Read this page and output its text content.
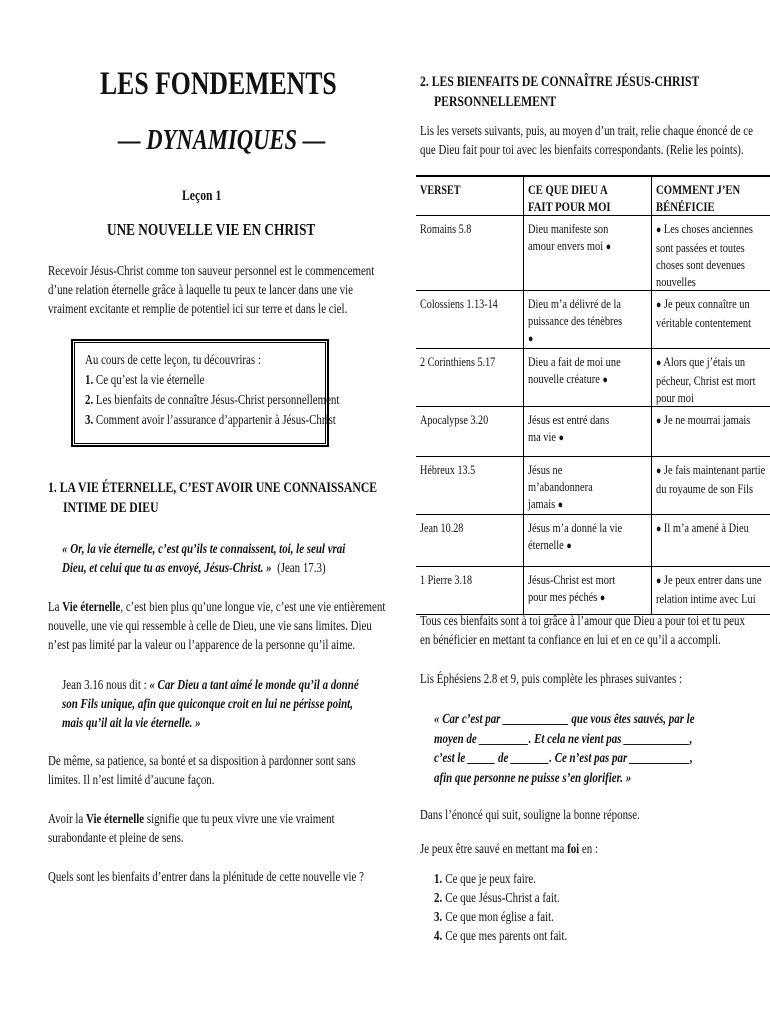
LES FONDEMENTS
— DYNAMIQUES —
Leçon 1
UNE NOUVELLE VIE EN CHRIST
Recevoir Jésus-Christ comme ton sauveur personnel est le commencement
d’une relation éternelle grâce à laquelle tu peux te lancer dans une vie
vraiment excitante et remplie de potentiel ici sur terre et dans le ciel.
Au cours de cette leçon, tu découvriras :
1. Ce qu’est la vie éternelle
2. Les bienfaits de connaître Jésus-Christ personnellement
3. Comment avoir l’assurance d’appartenir à Jésus-Christ
1. LA VIE ÉTERNELLE, C’EST AVOIR UNE CONNAISSANCE
INTIME DE DIEU
« Or, la vie éternelle, c’est qu’ils te connaissent, toi, le seul vrai
Dieu, et celui que tu as envoyé, Jésus-Christ. » (Jean 17.3)
La Vie éternelle, c’est bien plus qu’une longue vie, c’est une vie entièrement
nouvelle, une vie qui ressemble à celle de Dieu, une vie sans limites. Dieu
n’est pas limité par la valeur ou l’apparence de la personne qu’il aime.
Jean 3.16 nous dit : « Car Dieu a tant aimé le monde qu’il a donné
son Fils unique, afin que quiconque croit en lui ne périsse point,
mais qu’il ait la vie éternelle. »
De même, sa patience, sa bonté et sa disposition à pardonner sont sans
limites. Il n’est limité d’aucune façon.
Avoir la Vie éternelle signifie que tu peux vivre une vie vraiment
surabondante et pleine de sens.
Quels sont les bienfaits d’entrer dans la plénitude de cette nouvelle vie ?
2. LES BIENFAITS DE CONNAÎTRE JÉSUS-CHRIST
PERSONNELLEMENT
Lis les versets suivants, puis, au moyen d’un trait, relie chaque énoncé de ce
que Dieu fait pour toi avec les bienfaits correspondants. (Relie les points).
VERSET	CE QUE DIEU A FAIT POUR MOI	COMMENT J’EN BÉNÉFICIE

Romains 5.8	Dieu manifeste son amour envers moi ●	● Les choses anciennes sont passées et toutes choses sont devenues nouvelles

Colossiens 1.13-14	Dieu m’a délivré de la puissance des ténèbres ●	● Je peux connaître un véritable contentement

2 Corinthiens 5.17	Dieu a fait de moi une nouvelle créature ●	● Alors que j’étais un pécheur, Christ est mort pour moi

Apocalypse 3.20	Jésus est entré dans ma vie ●	● Je ne mourrai jamais

Hébreux 13.5	Jésus ne m’abandonnera jamais ●	● Je fais maintenant partie du royaume de son Fils

Jean 10.28	Jésus m’a donné la vie éternelle ●	● Il m’a amené à Dieu

1 Pierre 3.18	Jésus-Christ est mort pour mes péchés ●	● Je peux entrer dans une relation intime avec Lui
Tous ces bienfaits sont à toi grâce à l’amour que Dieu a pour toi et tu peux
en bénéficier en mettant ta confiance en lui et en ce qu’il a accompli.
Lis Éphésiens 2.8 et 9, puis complète les phrases suivantes :
« Car c’est par ____________ que vous êtes sauvés, par le
moyen de _________. Et cela ne vient pas ____________,
c’est le _____ de _______. Ce n’est pas par ___________,
afin que personne ne puisse s’en glorifier. »
Dans l’énoncé qui suit, souligne la bonne réponse.
Je peux être sauvé en mettant ma foi en :
1. Ce que je peux faire.
2. Ce que Jésus-Christ a fait.
3. Ce que mon église a fait.
4. Ce que mes parents ont fait.
